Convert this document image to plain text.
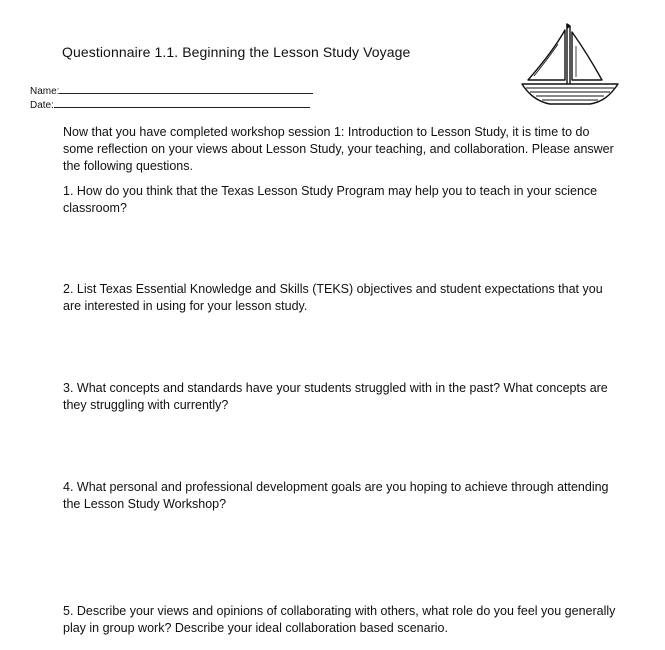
Questionnaire 1.1. Beginning the Lesson Study Voyage
Name:
Date:

Now that you have completed workshop session 1: Introduction to Lesson Study, it is time to do some reflection on your views about Lesson Study, your teaching, and collaboration. Please answer the following questions.

1. How do you think that the Texas Lesson Study Program may help you to teach in your science classroom?

2. List Texas Essential Knowledge and Skills (TEKS) objectives and student expectations that you are interested in using for your lesson study.

3. What concepts and standards have your students struggled with in the past? What concepts are they struggling with currently?

4. What personal and professional development goals are you hoping to achieve through attending the Lesson Study Workshop?

5. Describe your views and opinions of collaborating with others, what role do you feel you generally play in group work? Describe your ideal collaboration based scenario.
